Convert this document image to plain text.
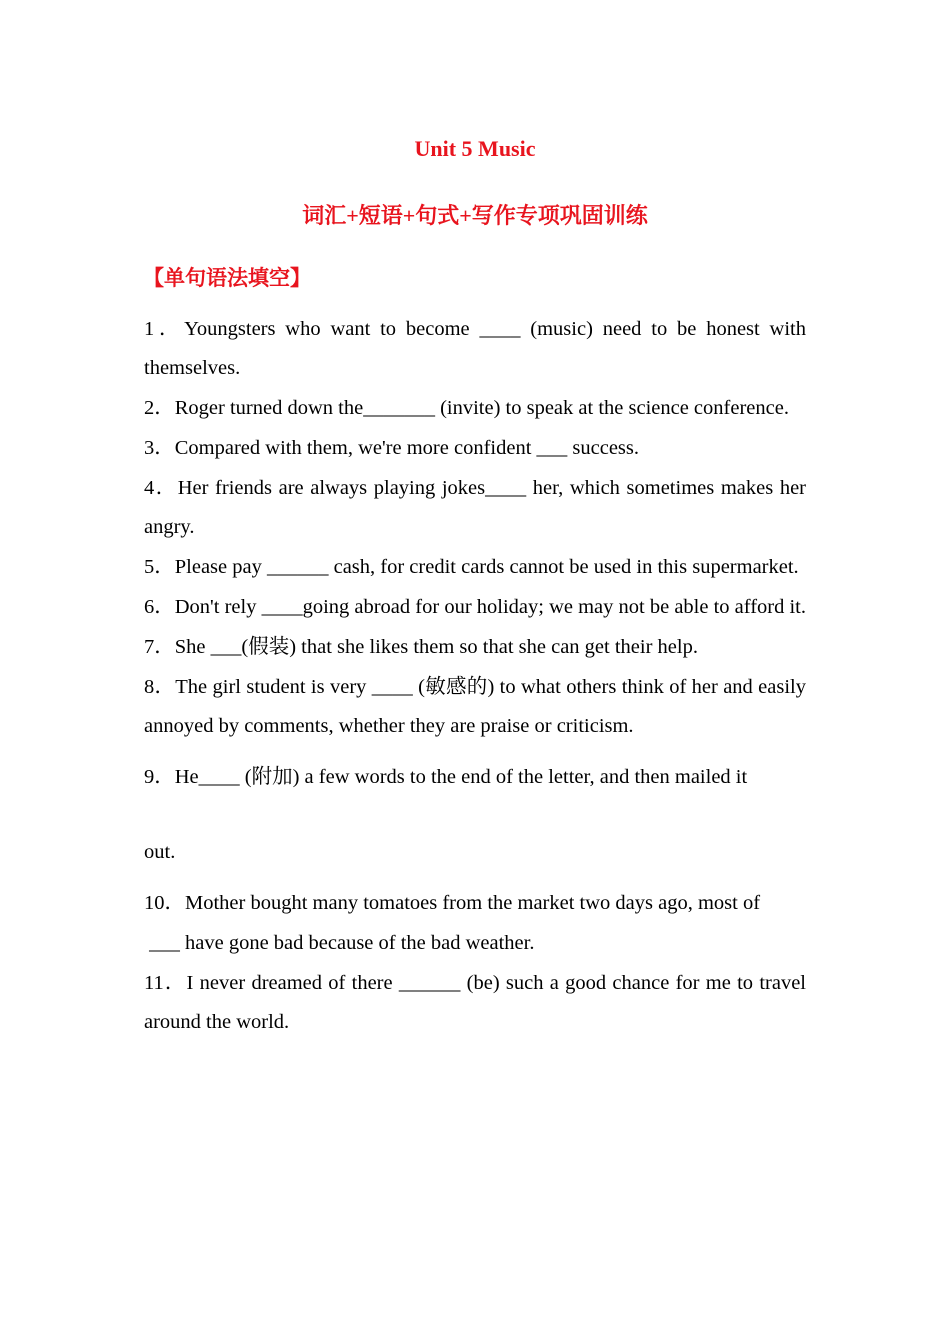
Unit 5 Music
词汇+短语+句式+写作专项巩固训练
【单句语法填空】

1．Youngsters who want to become ____ (music) need to be honest with themselves.

2．Roger turned down the_______ (invite) to speak at the science conference.

3．Compared with them, we're more confident ___ success.

4．Her friends are always playing jokes____ her, which sometimes makes her angry.

5．Please pay ______ cash, for credit cards cannot be used in this supermarket.

6．Don't rely ____going abroad for our holiday; we may not be able to afford it.

7．She ___(假装) that she likes them so that she can get their help.

8．The girl student is very ____ (敏感的) to what others think of her and easily annoyed by comments, whether they are praise or criticism.

9．He____ (附加) a few words to the end of the letter, and then mailed it

out.

10．Mother bought many tomatoes from the market two days ago, most of

___ have gone bad because of the bad weather.

11．I never dreamed of there ______ (be) such a good chance for me to travel around the world.
